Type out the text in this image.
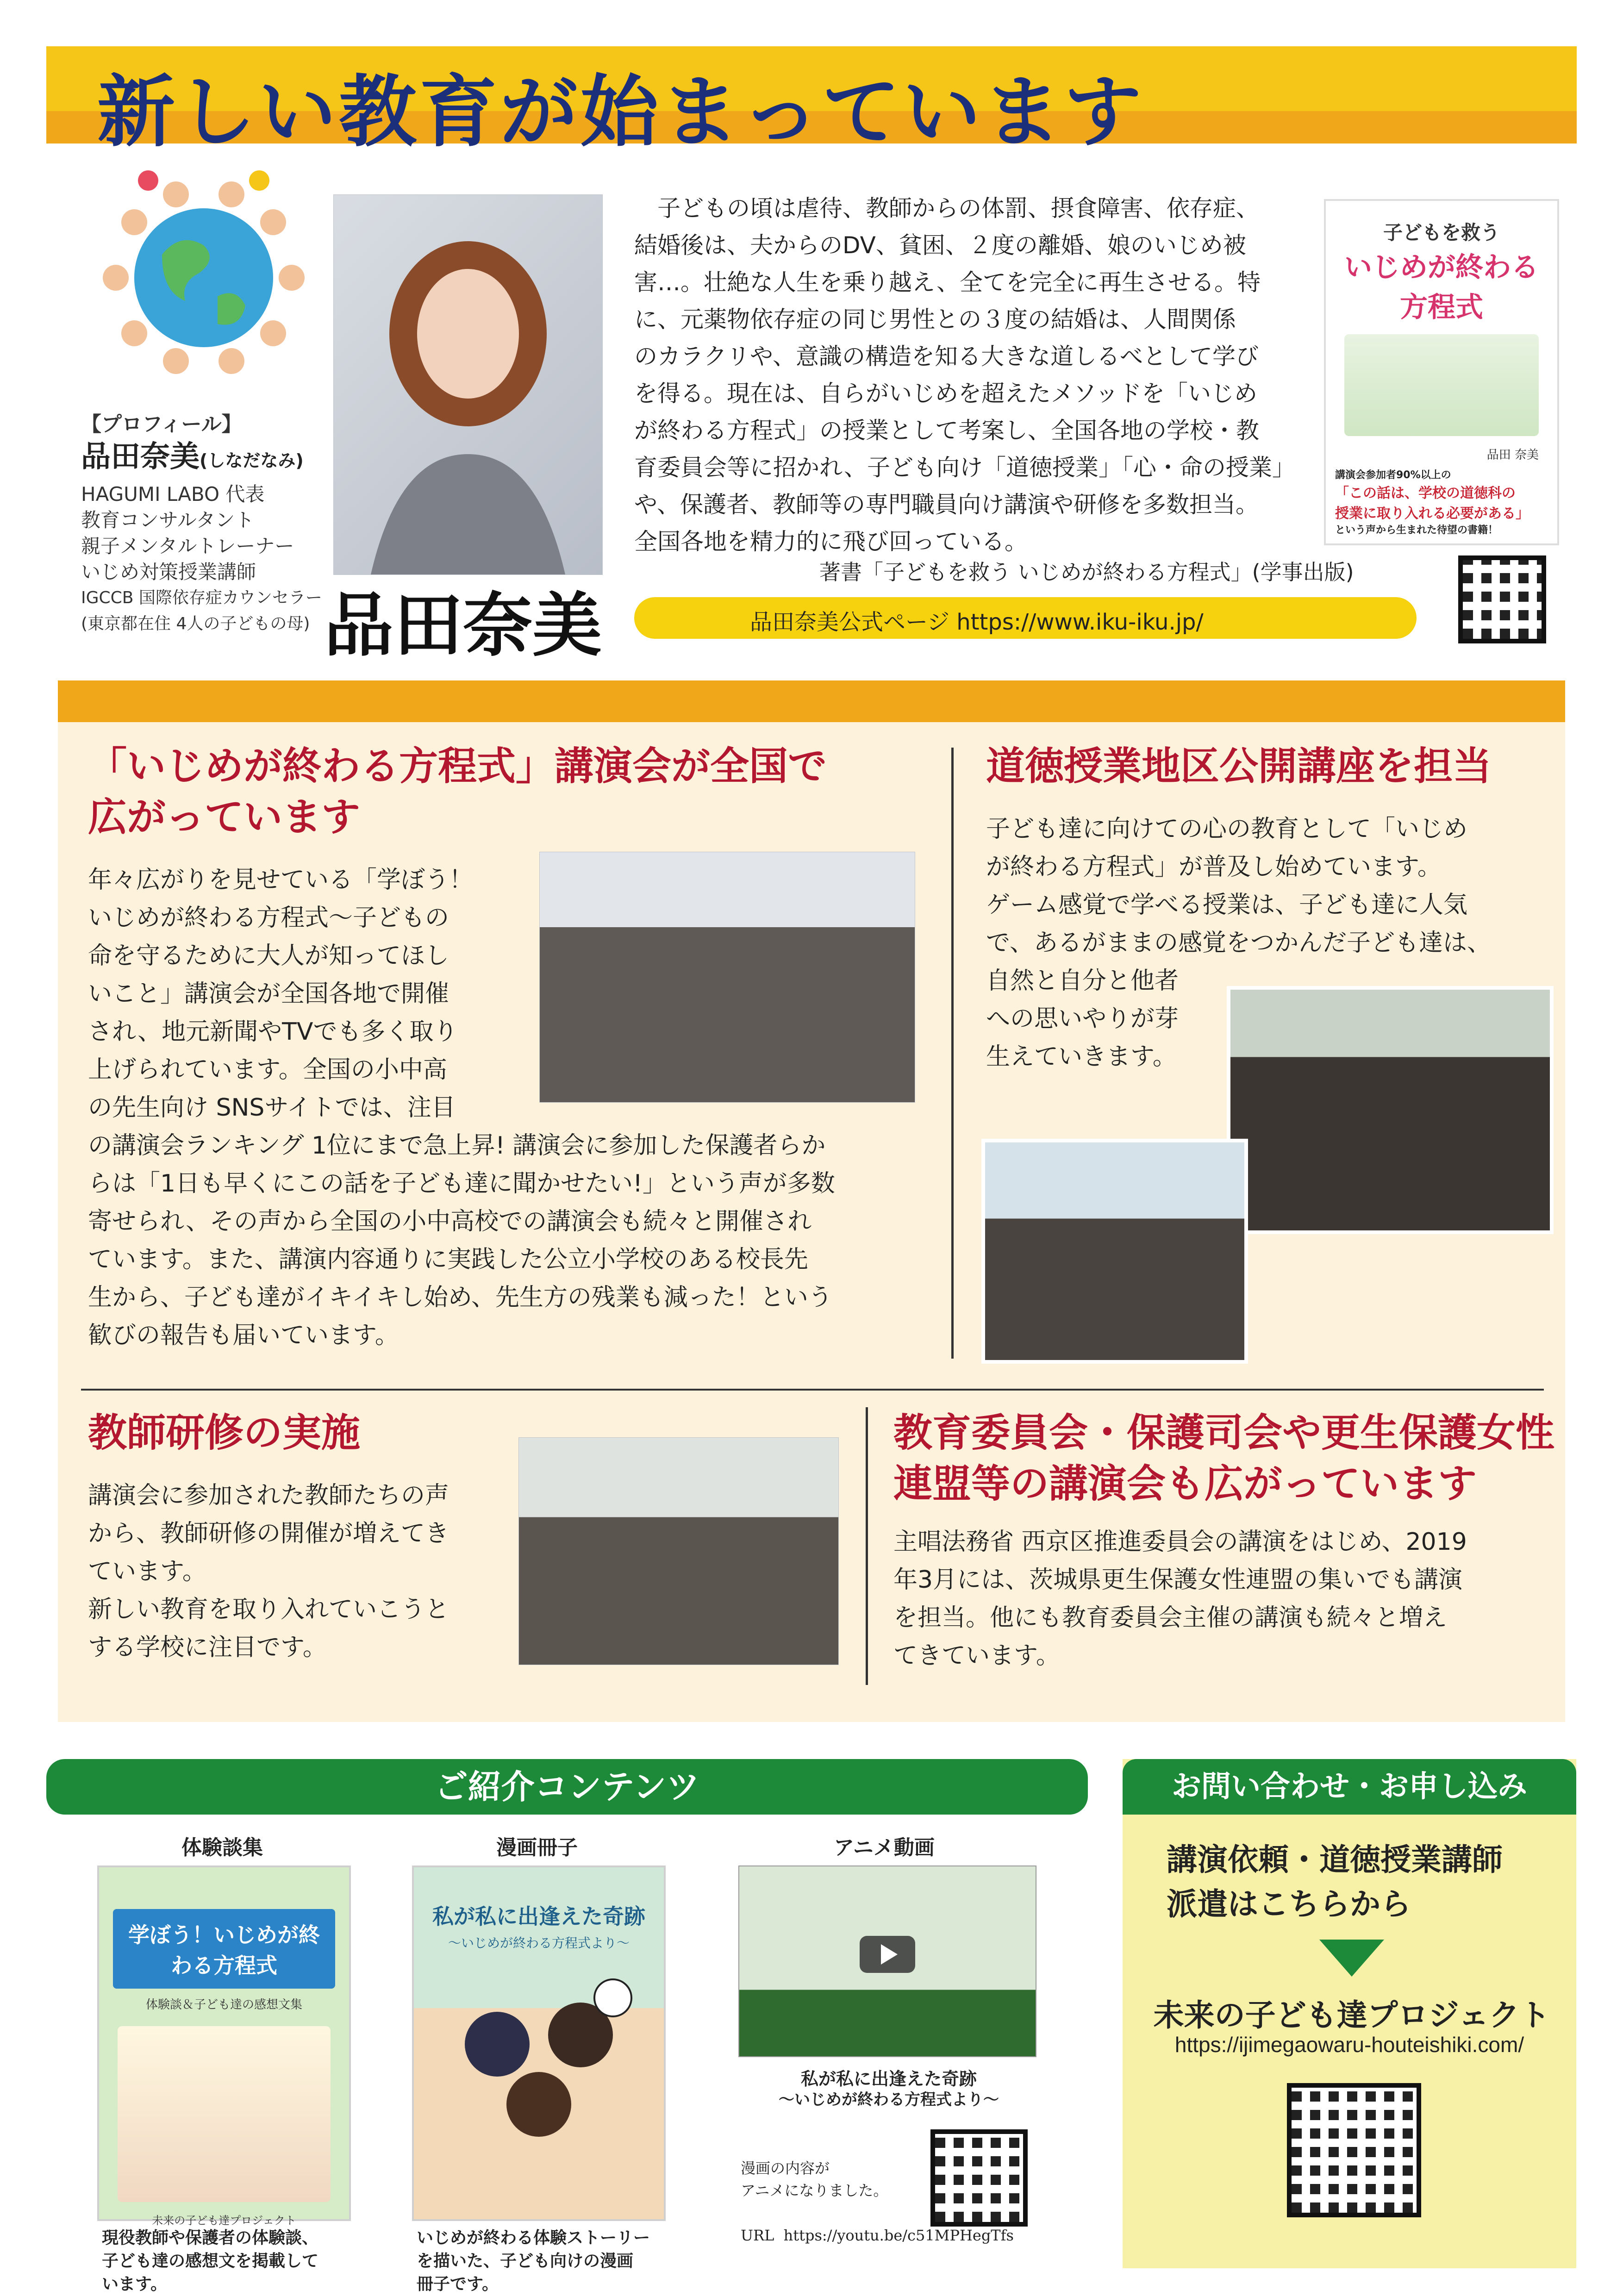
新しい教育が始まっています
【プロフィール】
品田奈美(しなだなみ)
HAGUMI LABO 代表
教育コンサルタント
親子メンタルトレーナー
いじめ対策授業講師
IGCCB 国際依存症カウンセラー
(東京都在住 4人の子どもの母) 品田奈美
子どもの頃は虐待、教師からの体罰、摂食障害、依存症、
結婚後は、夫からのDV、貧困、２度の離婚、娘のいじめ被
害…。壮絶な人生を乗り越え、全てを完全に再生させる。特
に、元薬物依存症の同じ男性との３度の結婚は、人間関係
のカラクリや、意識の構造を知る大きな道しるべとして学び
を得る。現在は、自らがいじめを超えたメソッドを「いじめ
が終わる方程式」の授業として考案し、全国各地の学校・教
育委員会等に招かれ、子ども向け「道徳授業」「心・命の授業」
や、保護者、教師等の専門職員向け講演や研修を多数担当。
全国各地を精力的に飛び回っている。
著書「子どもを救う いじめが終わる方程式」(学事出版)
品田奈美公式ページ https://www.iku-iku.jp/
子どもを救う
いじめが終わる
方程式
品田 奈美
講演会参加者90%以上の
「この話は、学校の道徳科の
授業に取り入れる必要がある」
という声から生まれた待望の書籍！
「いじめが終わる方程式」講演会が全国で
広がっています
年々広がりを見せている「学ぼう！
いじめが終わる方程式〜子どもの
命を守るために大人が知ってほし
いこと」講演会が全国各地で開催
され、地元新聞やTVでも多く取り
上げられています。全国の小中高
の先生向け SNSサイトでは、注目
の講演会ランキング 1位にまで急上昇! 講演会に参加した保護者らか
らは「1日も早くにこの話を子ども達に聞かせたい!」という声が多数
寄せられ、その声から全国の小中高校での講演会も続々と開催され
ています。また、講演内容通りに実践した公立小学校のある校長先
生から、子ども達がイキイキし始め、先生方の残業も減った！という
歓びの報告も届いています。
道徳授業地区公開講座を担当
子ども達に向けての心の教育として「いじめ
が終わる方程式」が普及し始めています。
ゲーム感覚で学べる授業は、子ども達に人気
で、あるがままの感覚をつかんだ子ども達は、
自然と自分と他者
への思いやりが芽
生えていきます。
教師研修の実施
講演会に参加された教師たちの声
から、教師研修の開催が増えてき
ています。
新しい教育を取り入れていこうと
する学校に注目です。
教育委員会・保護司会や更生保護女性
連盟等の講演会も広がっています
主唱法務省 西京区推進委員会の講演をはじめ、2019
年3月には、茨城県更生保護女性連盟の集いでも講演
を担当。他にも教育委員会主催の講演も続々と増え
てきています。
ご紹介コンテンツ
体験談集
学ぼう！いじめが終わる方程式
体験談＆子ども達の感想文集
未来の子ども達プロジェクト
現役教師や保護者の体験談、
子ども達の感想文を掲載して
います。
漫画冊子
私が私に出逢えた奇跡
〜いじめが終わる方程式より〜
いじめが終わる体験ストーリー
を描いた、子ども向けの漫画
冊子です。
アニメ動画
私が私に出逢えた奇跡
〜いじめが終わる方程式より〜
漫画の内容が
アニメになりました。
URL https://youtu.be/c51MPHegTfs
お問い合わせ・お申し込み
講演依頼・道徳授業講師
派遣はこちらから
未来の子ども達プロジェクト
https://ijimegaowaru-houteishiki.com/
